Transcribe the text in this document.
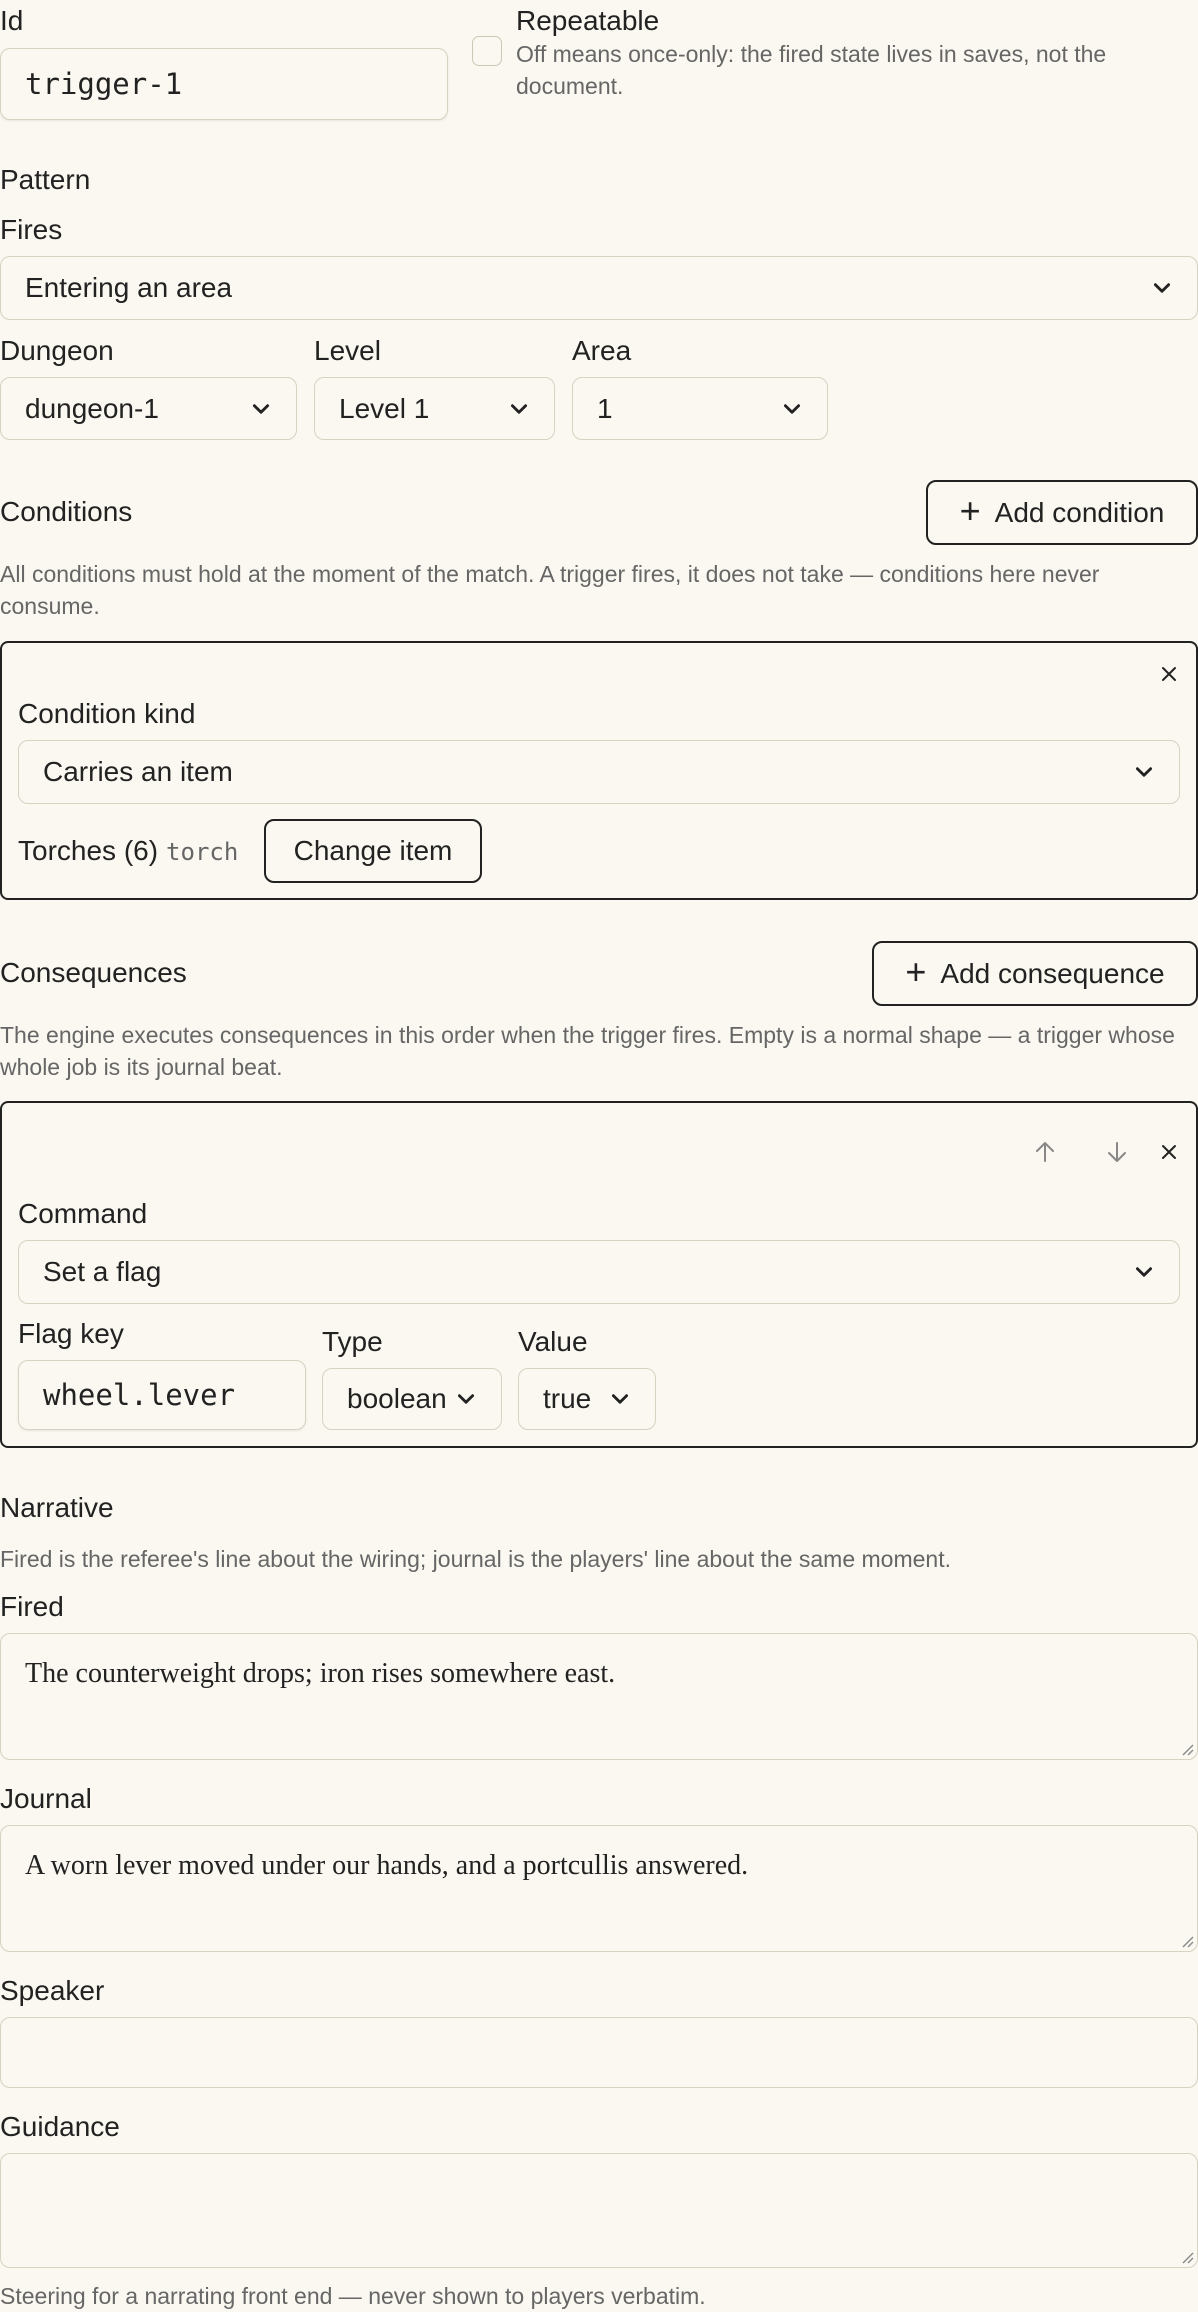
Id
trigger-1
Repeatable
Off means once-only: the fired state lives in saves, not the document.
Pattern
Fires
Entering an area
Dungeon
dungeon-1
Level
Level 1
Area
1
Conditions	+ Add condition
All conditions must hold at the moment of the match. A trigger fires, it does not take — conditions here never consume.
Condition kind
Carries an item
Torches (6) torch Change item
Consequences	+ Add consequence
The engine executes consequences in this order when the trigger fires. Empty is a normal shape — a trigger whose whole job is its journal beat.
Command
Set a flag
Flag key
wheel.lever
Type
boolean
Value
true
Narrative
Fired is the referee's line about the wiring; journal is the players' line about the same moment.
Fired
The counterweight drops; iron rises somewhere east.
Journal
A worn lever moved under our hands, and a portcullis answered.
Speaker
Guidance
Steering for a narrating front end — never shown to players verbatim.
